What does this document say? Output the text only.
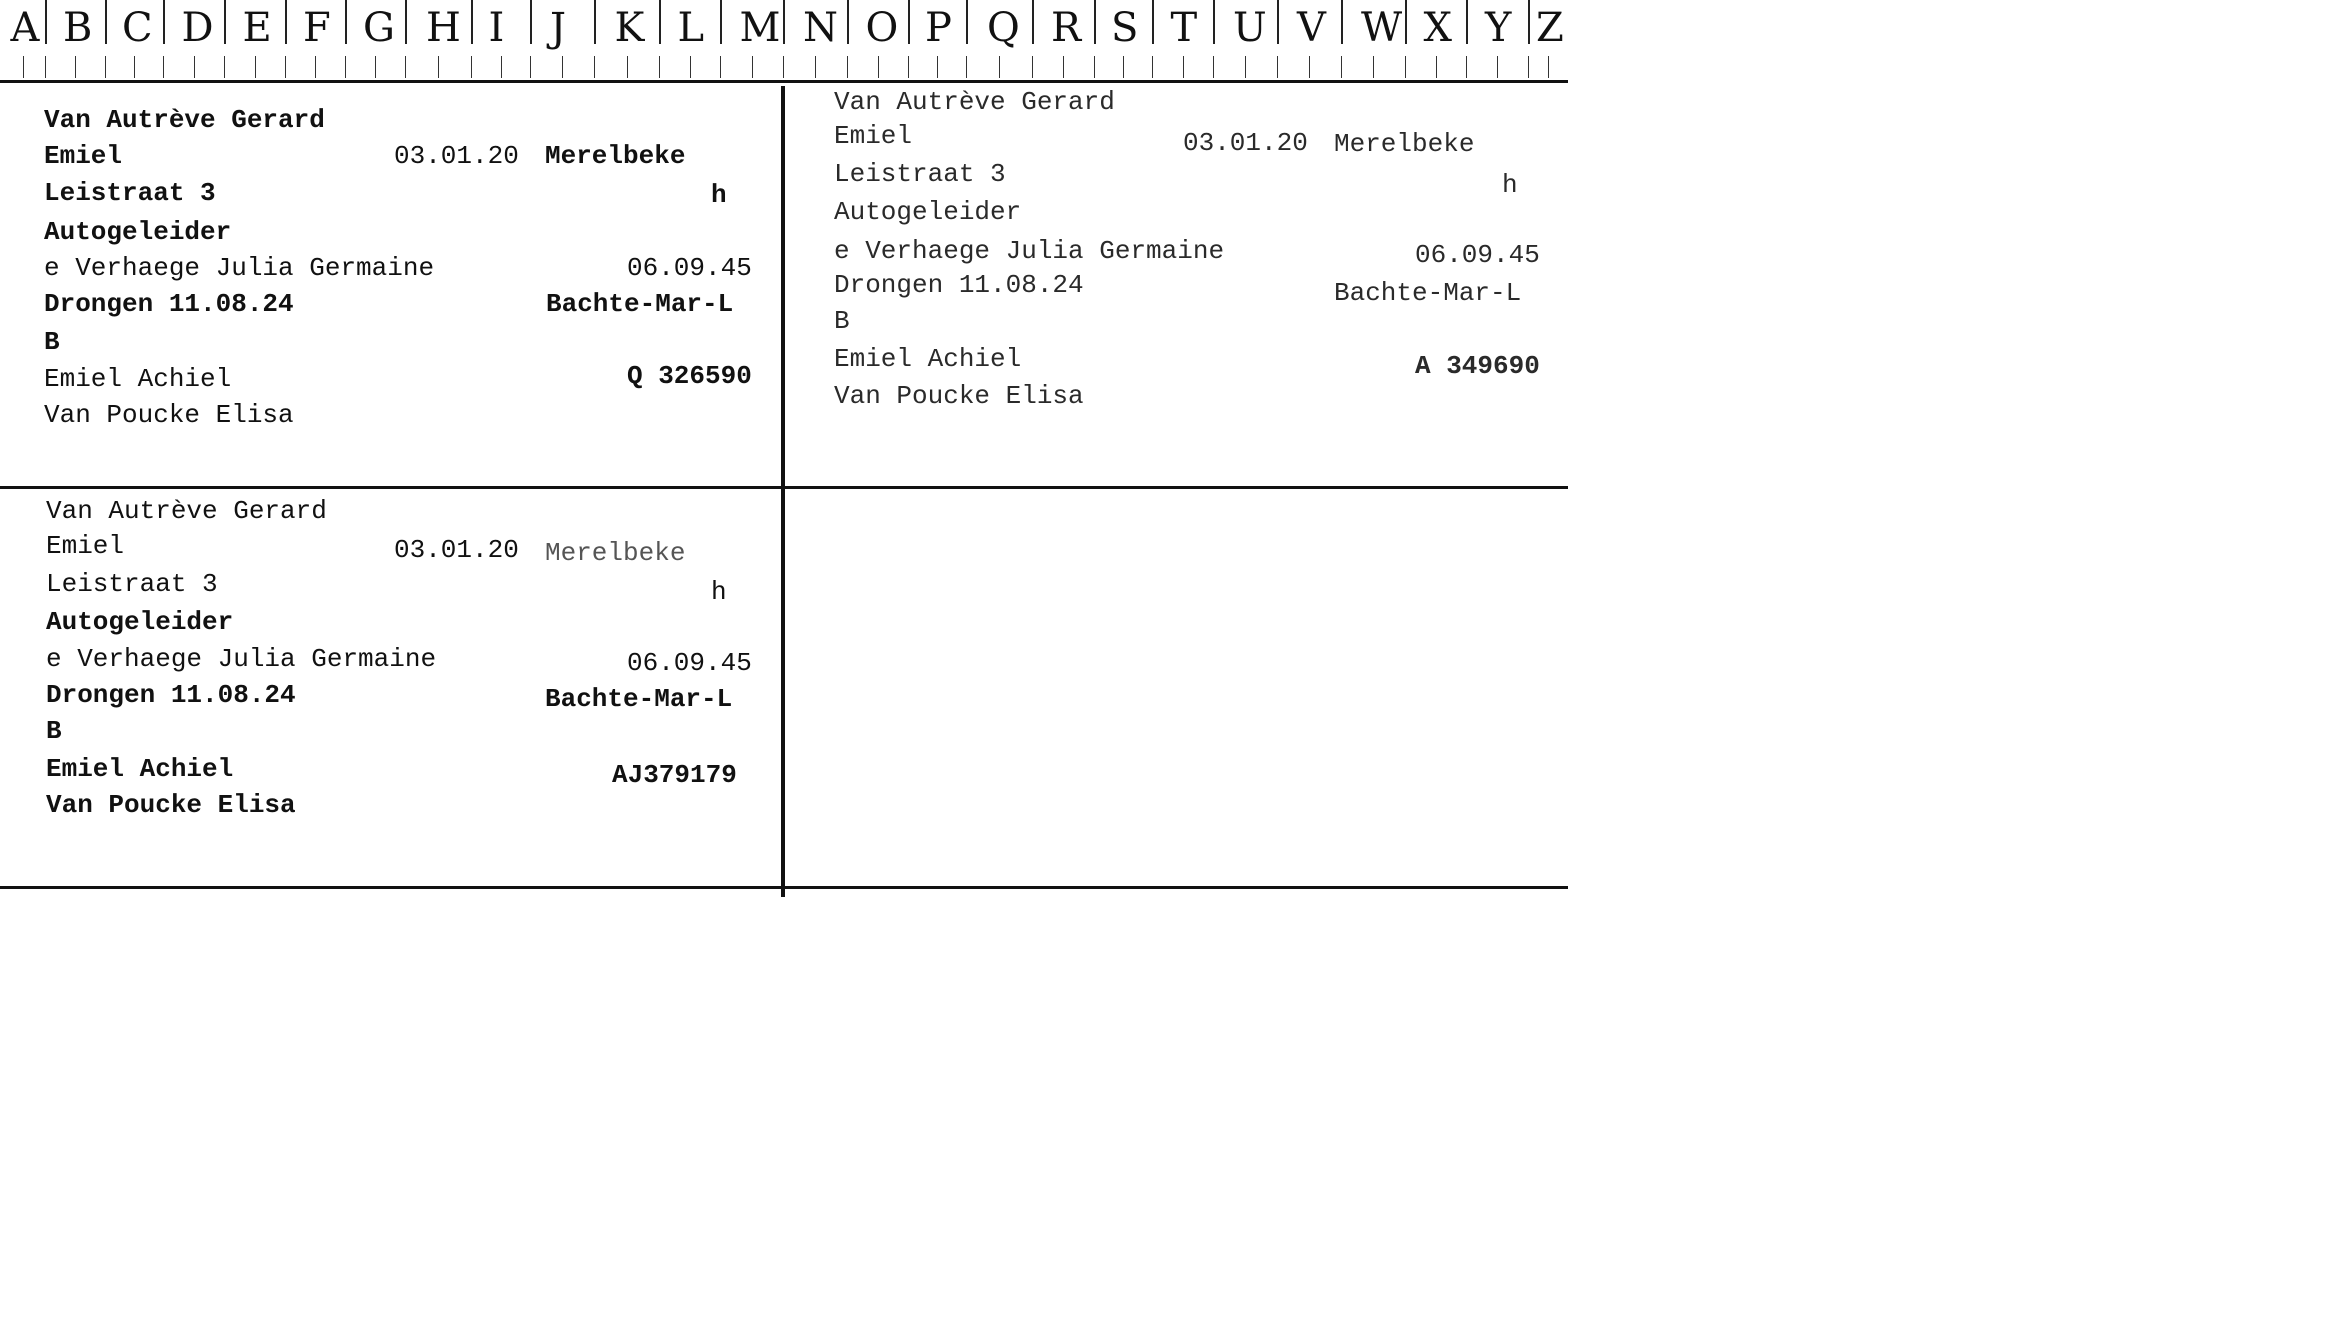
A B C D E F G H I J K L M N O P Q R S T U V W X Y Z
Van Autrève Gerard
Emiel	03.01.20 Merelbeke
Leistraat 3	h
Autogeleider
e Verhaege Julia Germaine	06.09.45
Drongen 11.08.24	Bachte-Mar-L
B
Emiel Achiel	Q 326590
Van Poucke Elisa
Van Autrève Gerard
Emiel	03.01.20 Merelbeke
Leistraat 3	h
Autogeleider
e Verhaege Julia Germaine	06.09.45
Drongen 11.08.24	Bachte-Mar-L
B
Emiel Achiel	A 349690
Van Poucke Elisa
Van Autrève Gerard
Emiel	03.01.20 Merelbeke
Leistraat 3	h
Autogeleider
e Verhaege Julia Germaine	06.09.45
Drongen 11.08.24	Bachte-Mar-L
B
Emiel Achiel	AJ379179
Van Poucke Elisa
